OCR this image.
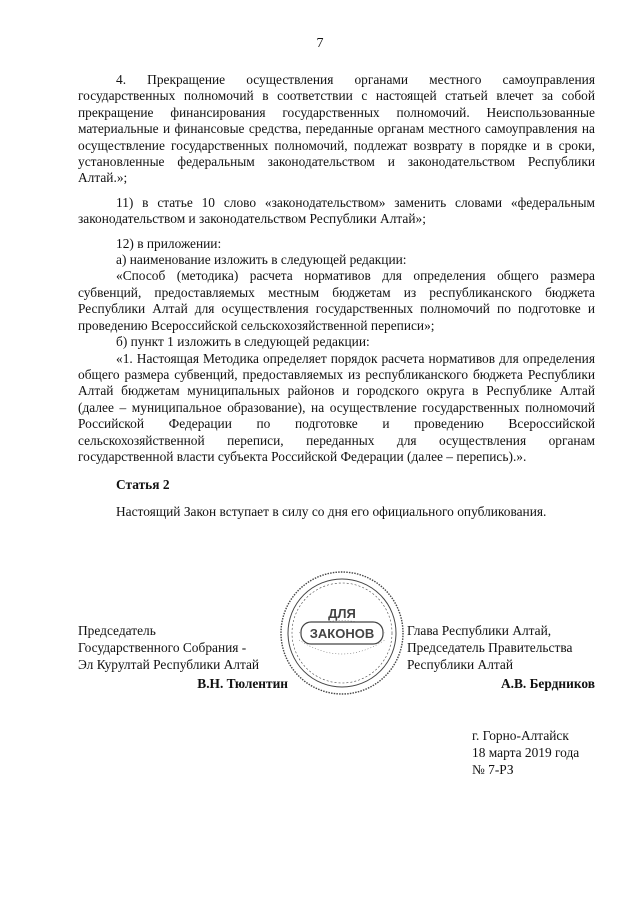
7

4. Прекращение осуществления органами местного самоуправления государственных полномочий в соответствии с настоящей статьей влечет за собой прекращение финансирования государственных полномочий. Неиспользованные материальные и финансовые средства, переданные органам местного самоуправления на осуществление государственных полномочий, подлежат возврату в порядке и в сроки, установленные федеральным законодательством и законодательством Республики Алтай.»;

11) в статье 10 слово «законодательством» заменить словами «федеральным законодательством и законодательством Республики Алтай»;

12) в приложении:

а) наименование изложить в следующей редакции:

«Способ (методика) расчета нормативов для определения общего размера субвенций, предоставляемых местным бюджетам из республиканского бюджета Республики Алтай для осуществления государственных полномочий по подготовке и проведению Всероссийской сельскохозяйственной переписи»;

б) пункт 1 изложить в следующей редакции:

«1. Настоящая Методика определяет порядок расчета нормативов для определения общего размера субвенций, предоставляемых из республиканского бюджета Республики Алтай бюджетам муниципальных районов и городского округа в Республике Алтай (далее – муниципальное образование), на осуществление государственных полномочий Российской Федерации по подготовке и проведению Всероссийской сельскохозяйственной переписи, переданных для осуществления органам государственной власти субъекта Российской Федерации (далее – перепись).».

Статья 2

Настоящий Закон вступает в силу со дня его официального опубликования.

ДЛЯ
ЗАКОНОВ
Председатель
Государственного Собрания -
Эл Курултай Республики Алтай
В.Н. Тюлентин
Глава Республики Алтай,
Председатель Правительства
Республики Алтай
А.В. Бердников
г. Горно-Алтайск
18 марта 2019 года
№ 7-РЗ
